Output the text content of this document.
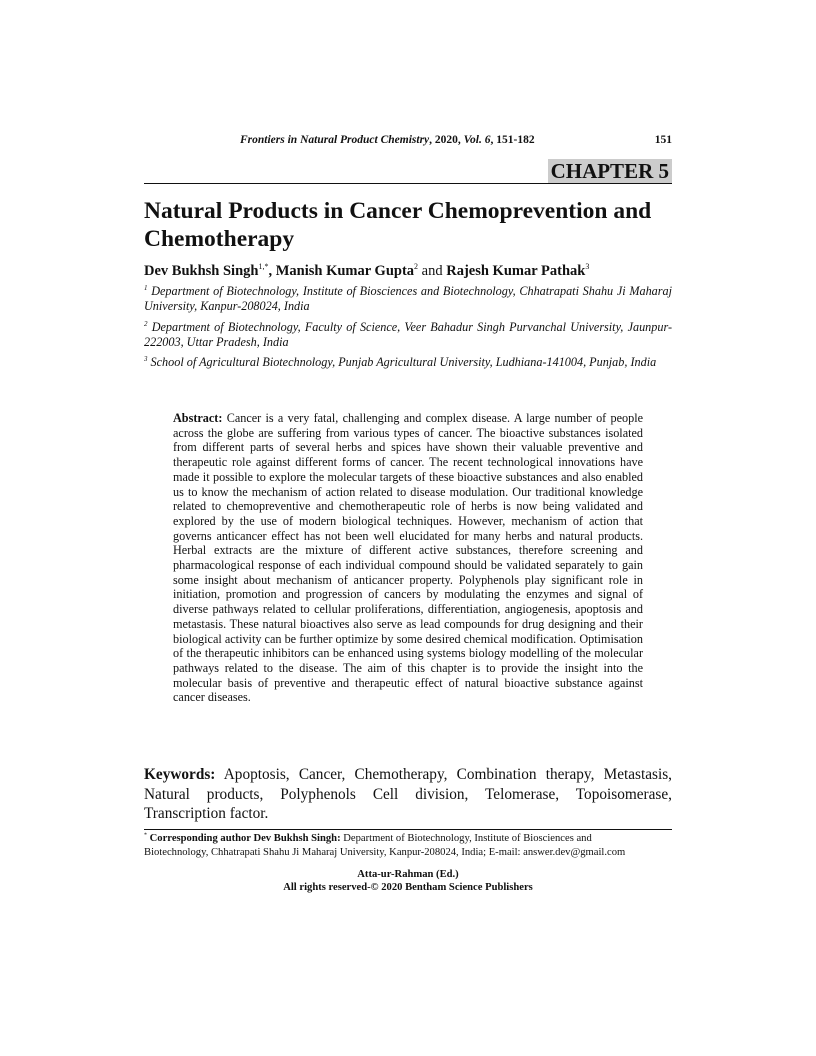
Frontiers in Natural Product Chemistry, 2020, Vol. 6, 151-182	151
CHAPTER 5
Natural Products in Cancer Chemoprevention and Chemotherapy
Dev Bukhsh Singh$^{1,*}$, Manish Kumar Gupta$^2$ and Rajesh Kumar Pathak$^3$
$^1$ Department of Biotechnology, Institute of Biosciences and Biotechnology, Chhatrapati Shahu Ji Maharaj University, Kanpur-208024, India
$^2$ Department of Biotechnology, Faculty of Science, Veer Bahadur Singh Purvanchal University, Jaunpur-222003, Uttar Pradesh, India
$^3$ School of Agricultural Biotechnology, Punjab Agricultural University, Ludhiana-141004, Punjab, India
Abstract: Cancer is a very fatal, challenging and complex disease. A large number of people across the globe are suffering from various types of cancer. The bioactive substances isolated from different parts of several herbs and spices have shown their valuable preventive and therapeutic role against different forms of cancer. The recent technological innovations have made it possible to explore the molecular targets of these bioactive substances and also enabled us to know the mechanism of action related to disease modulation. Our traditional knowledge related to chemopreventive and chemotherapeutic role of herbs is now being validated and explored by the use of modern biological techniques. However, mechanism of action that governs anticancer effect has not been well elucidated for many herbs and natural products. Herbal extracts are the mixture of different active substances, therefore screening and pharmacological response of each individual compound should be validated separately to gain some insight about mechanism of anticancer property. Polyphenols play significant role in initiation, promotion and progression of cancers by modulating the enzymes and signal of diverse pathways related to cellular proliferations, differentiation, angiogenesis, apoptosis and metastasis. These natural bioactives also serve as lead compounds for drug designing and their biological activity can be further optimize by some desired chemical modification. Optimisation of the therapeutic inhibitors can be enhanced using systems biology modelling of the molecular pathways related to the disease. The aim of this chapter is to provide the insight into the molecular basis of preventive and therapeutic effect of natural bioactive substance against cancer diseases.
Keywords: Apoptosis, Cancer, Chemotherapy, Combination therapy, Metastasis, Natural products, Polyphenols Cell division, Telomerase, Topoisomerase, Transcription factor.
* Corresponding author Dev Bukhsh Singh: Department of Biotechnology, Institute of Biosciences and
Biotechnology, Chhatrapati Shahu Ji Maharaj University, Kanpur-208024, India; E-mail: answer.dev@gmail.com
Atta-ur-Rahman (Ed.)
All rights reserved-© 2020 Bentham Science Publishers
